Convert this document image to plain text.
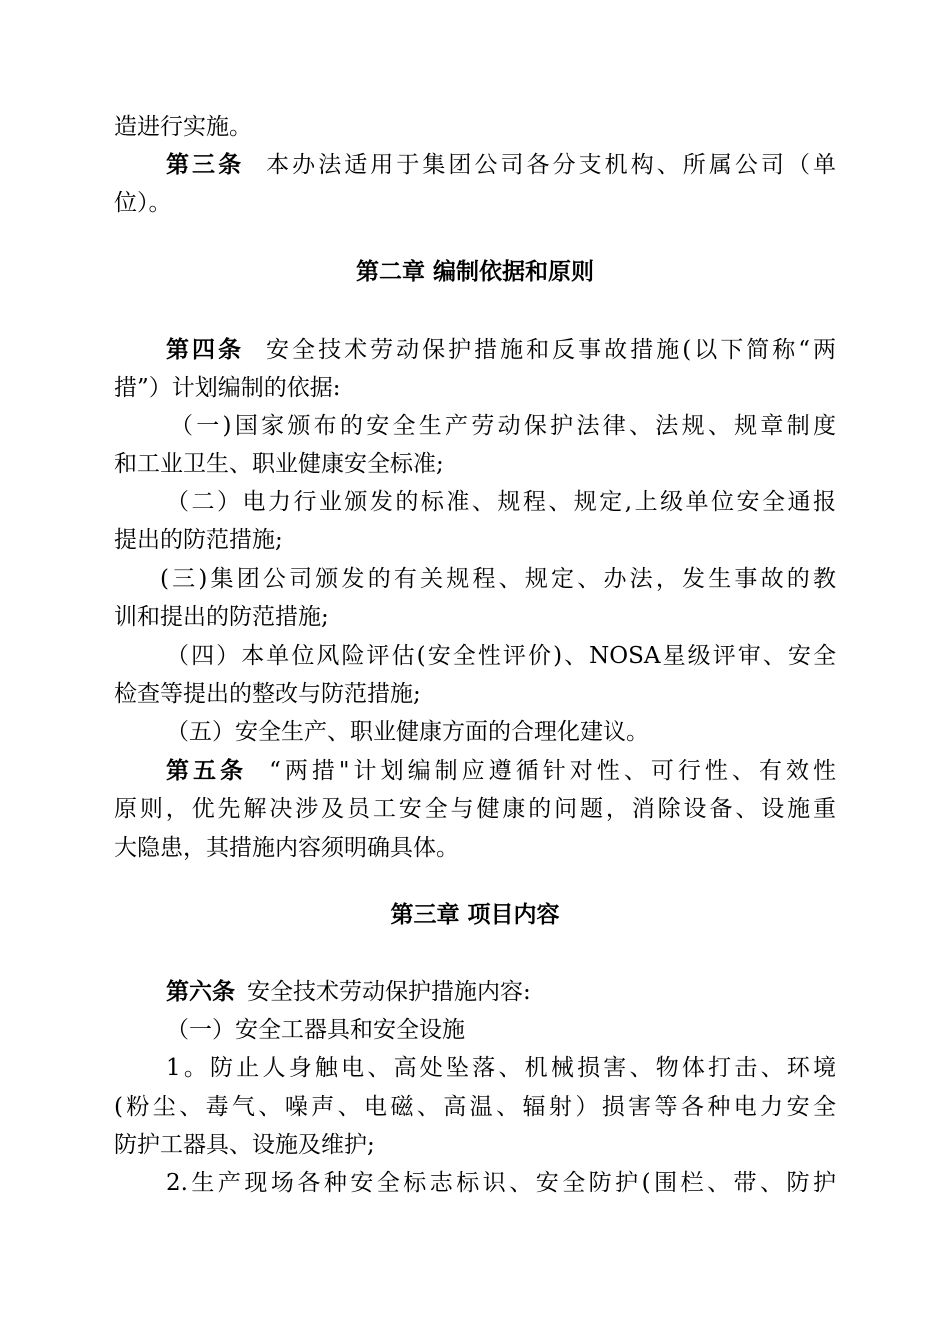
造进行实施。
第三条 本办法适用于集团公司各分支机构、所属公司（单
位）。
第二章 编制依据和原则
第四条 安全技术劳动保护措施和反事故措施(以下简称“两
措”）计划编制的依据:
（一)国家颁布的安全生产劳动保护法律、法规、规章制度
和工业卫生、职业健康安全标准;
（二）电力行业颁发的标准、规程、规定,上级单位安全通报
提出的防范措施;
(三)集团公司颁发的有关规程、规定、办法，发生事故的教
训和提出的防范措施;
（四）本单位风险评估(安全性评价)、NOSA星级评审、安全
检查等提出的整改与防范措施;
（五）安全生产、职业健康方面的合理化建议。
第五条 “两措"计划编制应遵循针对性、可行性、有效性
原则，优先解决涉及员工安全与健康的问题，消除设备、设施重
大隐患，其措施内容须明确具体。
第三章 项目内容
第六条 安全技术劳动保护措施内容:
（一）安全工器具和安全设施
1。防止人身触电、高处坠落、机械损害、物体打击、环境
(粉尘、毒气、噪声、电磁、高温、辐射）损害等各种电力安全
防护工器具、设施及维护;
2.生产现场各种安全标志标识、安全防护(围栏、带、防护
